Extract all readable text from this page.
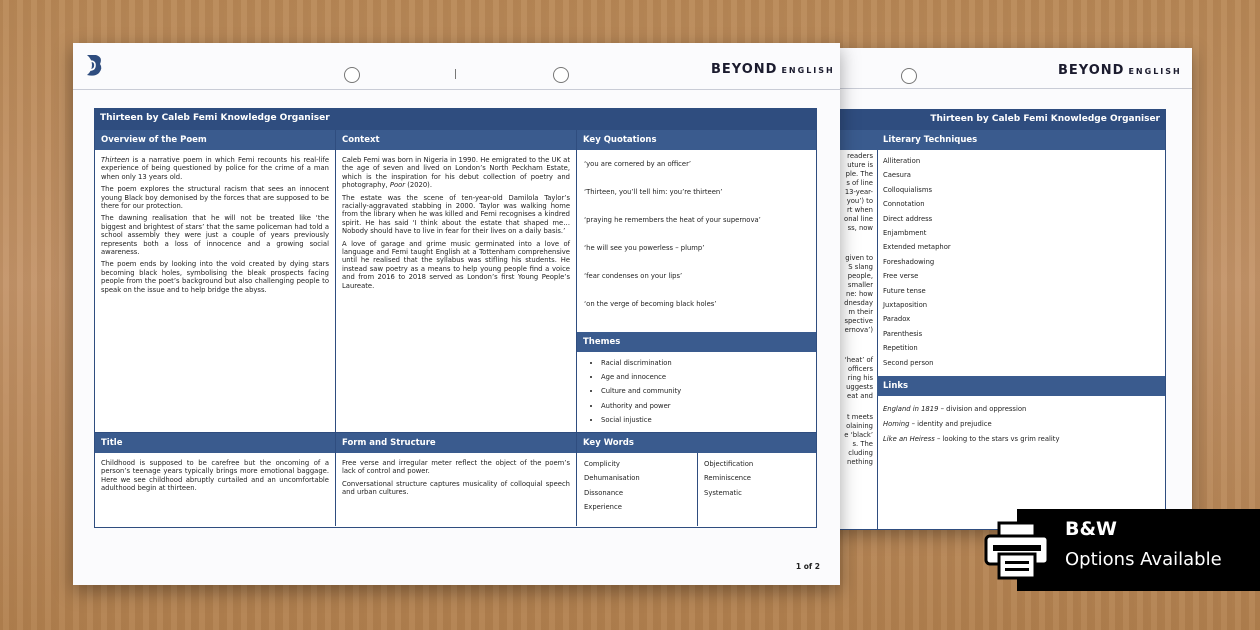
BEYOND ENGLISH
Thirteen by Caleb Femi Knowledge Organiser
readers
uture is
ple. The
s of line
13-year-
you’) to
rt when
onal line
ss, now
given to
S slang
people,
smaller
ne: how
dnesday
m their
spective
ernova’)
‘heat’ of
officers
ring his
uggests
eat and
t meets
olaining
e ‘black’
s. The
cluding
nething
Literary Techniques
Alliteration
Caesura
Colloquialisms
Connotation
Direct address
Enjambment
Extended metaphor
Foreshadowing
Free verse
Future tense
Juxtaposition
Paradox
Parenthesis
Repetition
Second person
Links

England in 1819 – division and oppression

Homing – identity and prejudice

Like an Heiress – looking to the stars vs grim reality

BEYOND ENGLISH
Thirteen by Caleb Femi Knowledge Organiser
Overview of the Poem

Thirteen is a narrative poem in which Femi recounts his real-life experience of being questioned by police for the crime of a man when only 13 years old.

The poem explores the structural racism that sees an innocent young Black boy demonised by the forces that are supposed to be there for our protection.

The dawning realisation that he will not be treated like ‘the biggest and brightest of stars’ that the same policeman had told a school assembly they were just a couple of years previously represents both a loss of innocence and a growing social awareness.

The poem ends by looking into the void created by dying stars becoming black holes, symbolising the bleak prospects facing people from the poet’s background but also challenging people to speak on the issue and to help bridge the abyss.

Context

Caleb Femi was born in Nigeria in 1990. He emigrated to the UK at the age of seven and lived on London’s North Peckham Estate, which is the inspiration for his debut collection of poetry and photography, Poor (2020).

The estate was the scene of ten-year-old Damilola Taylor’s racially-aggravated stabbing in 2000. Taylor was walking home from the library when he was killed and Femi recognises a kindred spirit. He has said ‘I think about the estate that shaped me… Nobody should have to live in fear for their lives on a daily basis.’

A love of garage and grime music germinated into a love of language and Femi taught English at a Tottenham comprehensive until he realised that the syllabus was stifling his students. He instead saw poetry as a means to help young people find a voice and from 2016 to 2018 served as London’s first Young People’s Laureate.

Key Quotations
‘you are cornered by an officer’
‘Thirteen, you’ll tell him: you’re thirteen’
‘praying he remembers the heat of your supernova’
‘he will see you powerless – plump’
‘fear condenses on your lips’
‘on the verge of becoming black holes’
Themes
• Racial discrimination
• Age and innocence
• Culture and community
• Authority and power
• Social injustice
Title
Childhood is supposed to be carefree but the oncoming of a person’s teenage years typically brings more emotional baggage. Here we see childhood abruptly curtailed and an uncomfortable adulthood begin at thirteen.
Form and Structure

Free verse and irregular meter reflect the object of the poem’s lack of control and power.

Conversational structure captures musicality of colloquial speech and urban cultures.

Key Words
Complicity
Dehumanisation
Dissonance
Experience
Objectification
Reminiscence
Systematic
1 of 2
B&W
Options Available
